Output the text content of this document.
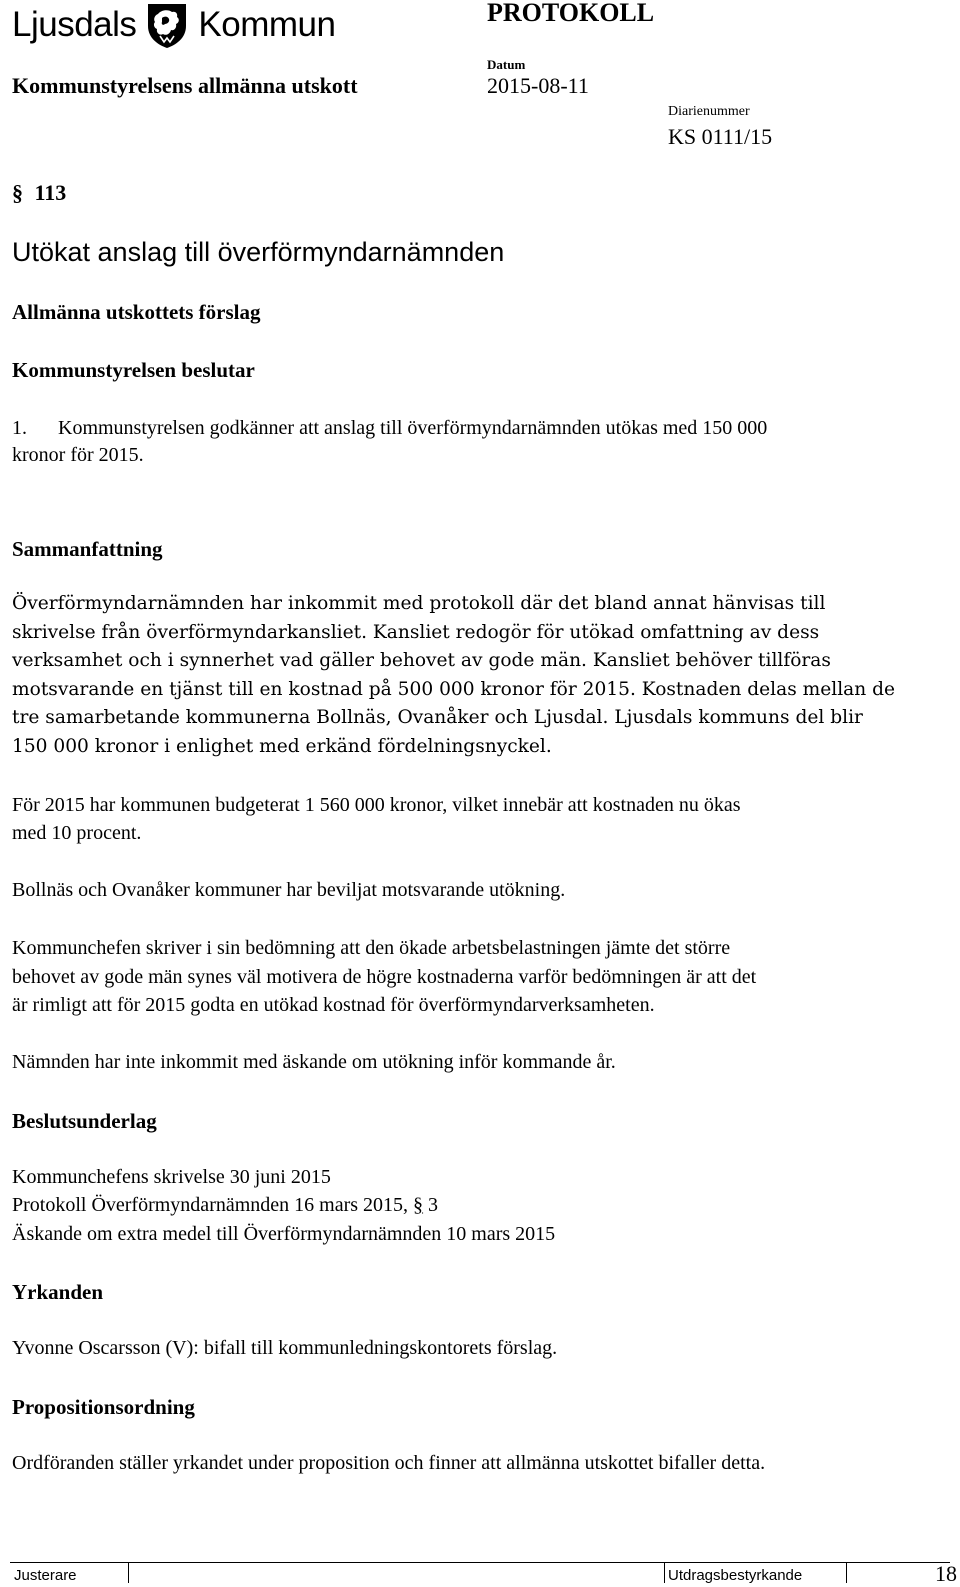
Ljusdals Kommun	PROTOKOLL
Datum
Kommunstyrelsens allmänna utskott	2015-08-11
Diarienummer
KS 0111/15
§ 113
Utökat anslag till överförmyndarnämnden
Allmänna utskottets förslag
Kommunstyrelsen beslutar
1. Kommunstyrelsen godkänner att anslag till överförmyndarnämnden utökas med 150 000
kronor för 2015.
Sammanfattning
Överförmyndarnämnden har inkommit med protokoll där det bland annat hänvisas till
skrivelse från överförmyndarkansliet. Kansliet redogör för utökad omfattning av dess
verksamhet och i synnerhet vad gäller behovet av gode män. Kansliet behöver tillföras
motsvarande en tjänst till en kostnad på 500 000 kronor för 2015. Kostnaden delas mellan de
tre samarbetande kommunerna Bollnäs, Ovanåker och Ljusdal. Ljusdals kommuns del blir
150 000 kronor i enlighet med erkänd fördelningsnyckel.
För 2015 har kommunen budgeterat 1 560 000 kronor, vilket innebär att kostnaden nu ökas
med 10 procent.
Bollnäs och Ovanåker kommuner har beviljat motsvarande utökning.
Kommunchefen skriver i sin bedömning att den ökade arbetsbelastningen jämte det större
behovet av gode män synes väl motivera de högre kostnaderna varför bedömningen är att det
är rimligt att för 2015 godta en utökad kostnad för överförmyndarverksamheten.
Nämnden har inte inkommit med äskande om utökning inför kommande år.
Beslutsunderlag
Kommunchefens skrivelse 30 juni 2015
Protokoll Överförmyndarnämnden 16 mars 2015, § 3
Äskande om extra medel till Överförmyndarnämnden 10 mars 2015
Yrkanden
Yvonne Oscarsson (V): bifall till kommunledningskontorets förslag.
Propositionsordning
Ordföranden ställer yrkandet under proposition och finner att allmänna utskottet bifaller detta.
Justerare	Utdragsbestyrkande	18
